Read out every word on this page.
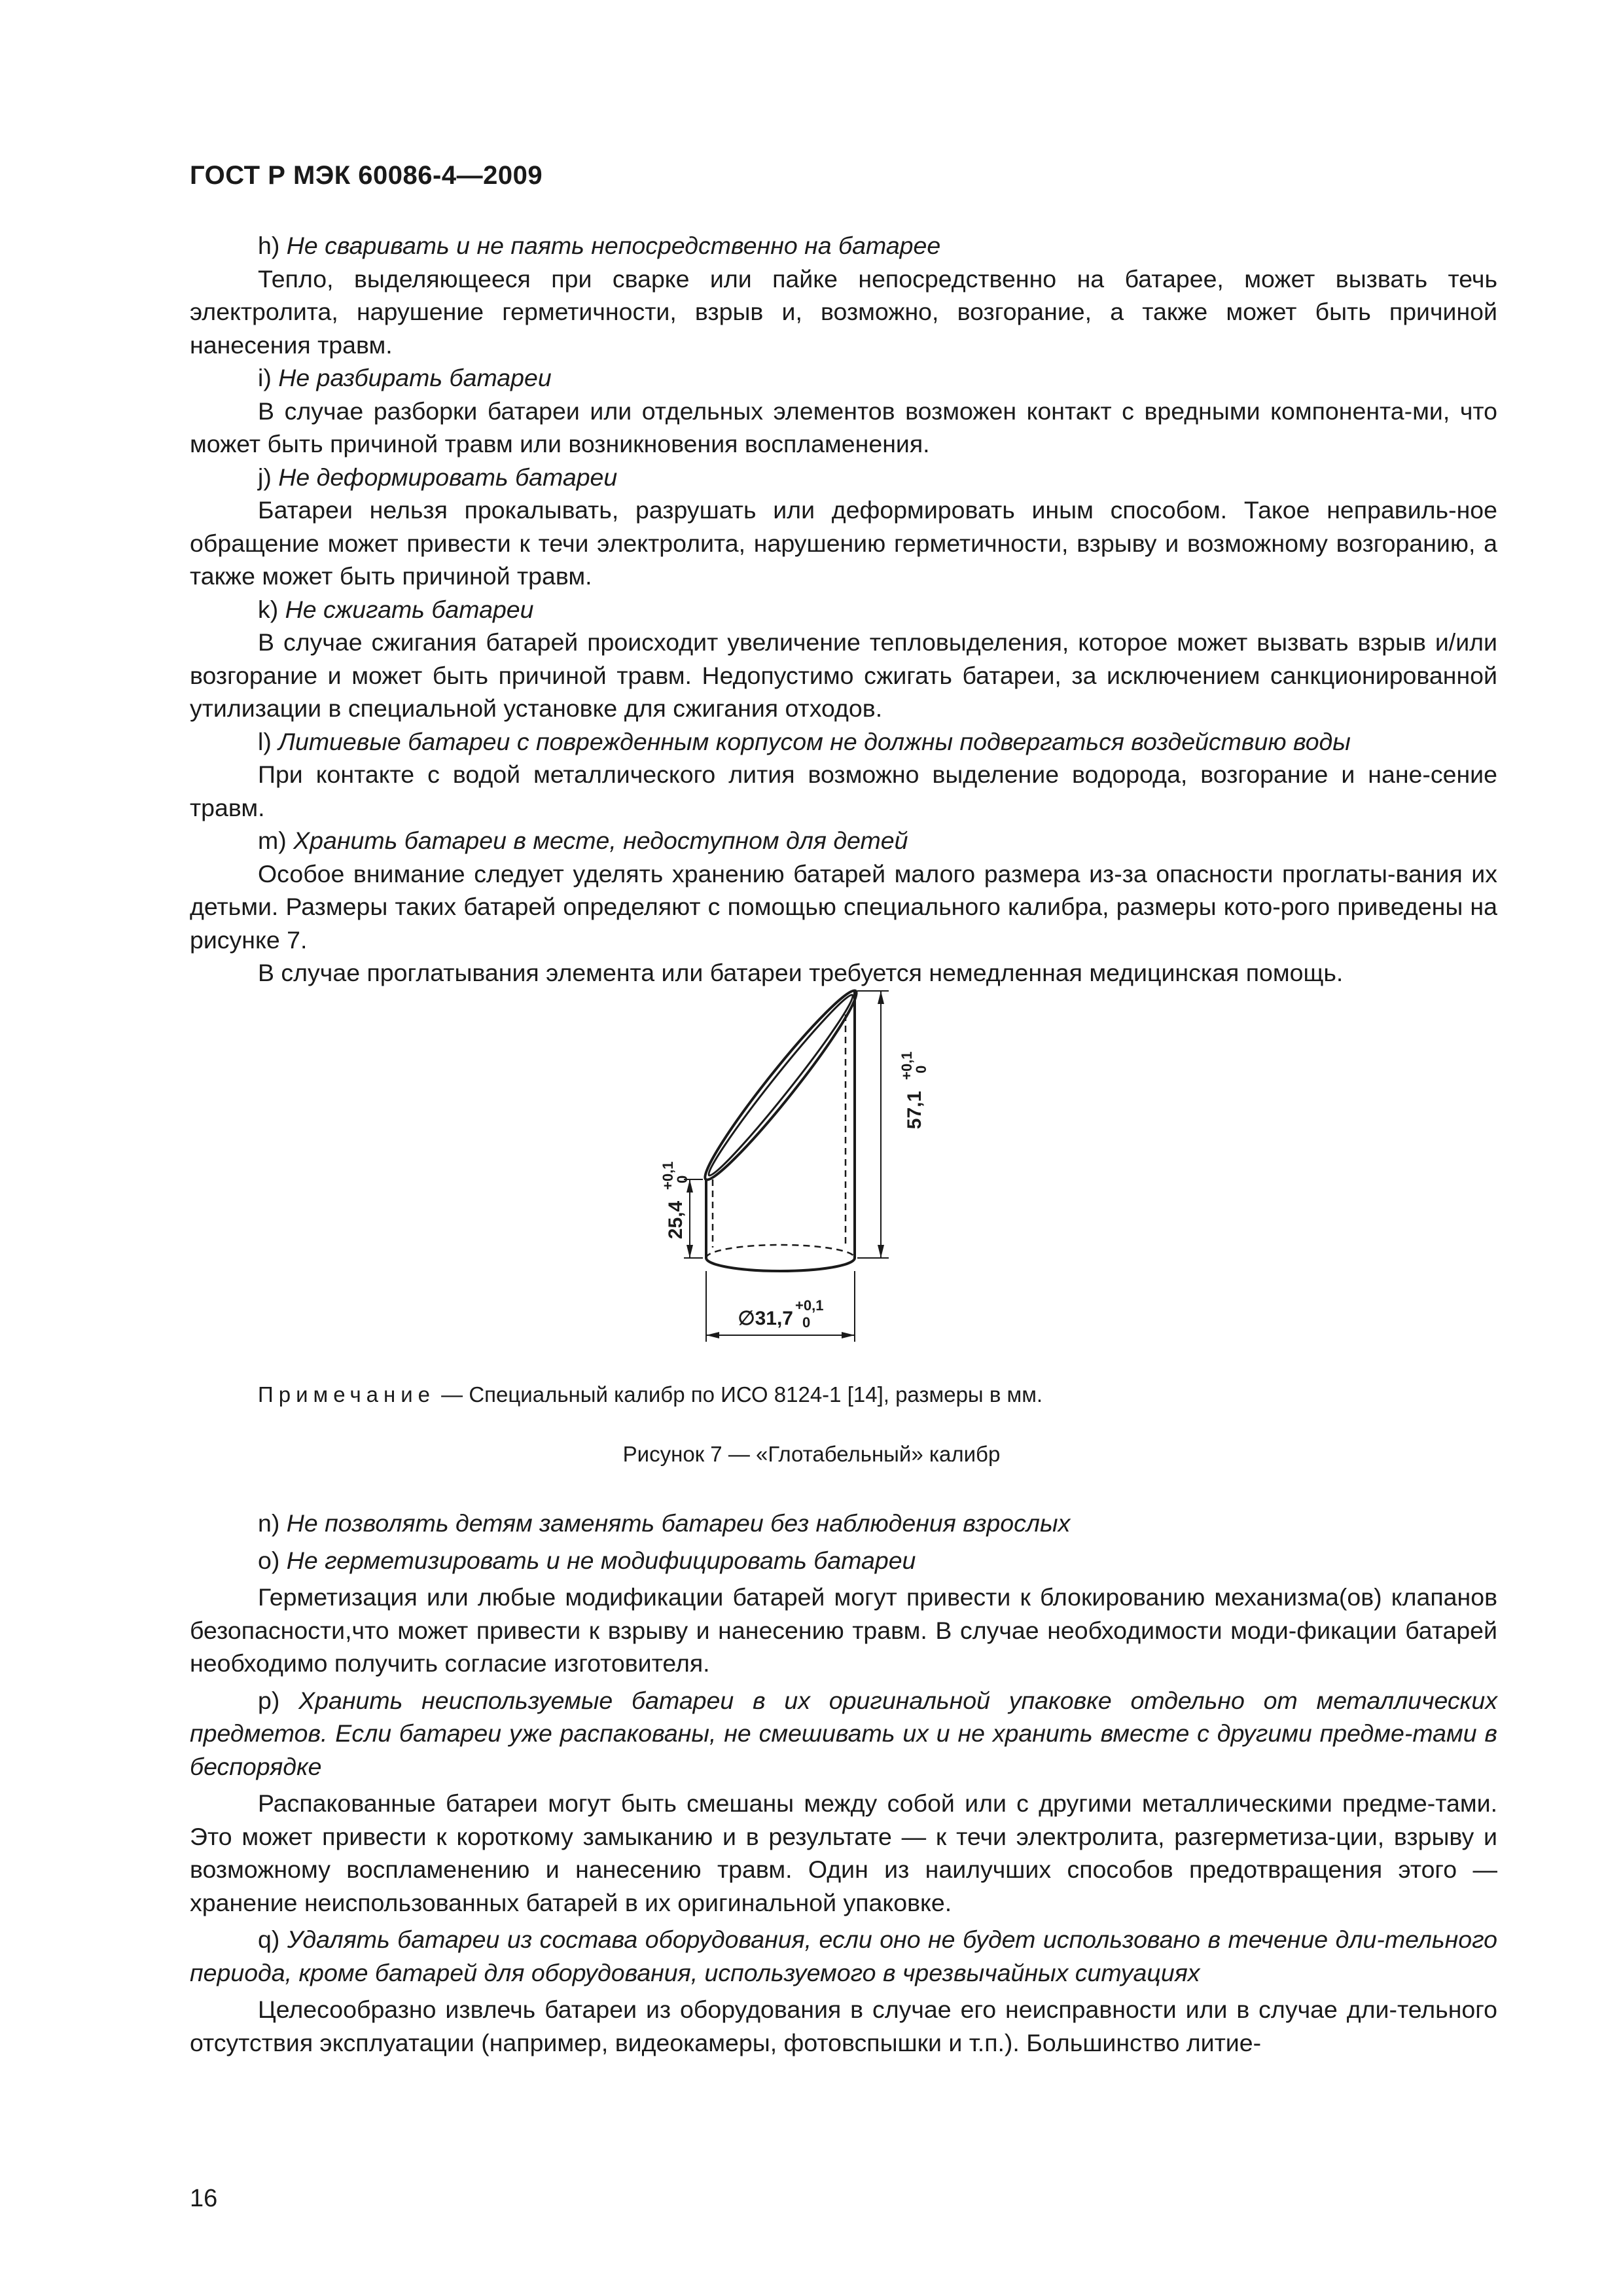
ГОСТ Р МЭК 60086-4—2009

h) Не сваривать и не паять непосредственно на батарее

Тепло, выделяющееся при сварке или пайке непосредственно на батарее, может вызвать течь электролита, нарушение герметичности, взрыв и, возможно, возгорание, а также может быть причиной нанесения травм.

i) Не разбирать батареи

В случае разборки батареи или отдельных элементов возможен контакт с вредными компонента-ми, что может быть причиной травм или возникновения воспламенения.

j) Не деформировать батареи

Батареи нельзя прокалывать, разрушать или деформировать иным способом. Такое неправиль-ное обращение может привести к течи электролита, нарушению герметичности, взрыву и возможному возгоранию, а также может быть причиной травм.

k) Не сжигать батареи

В случае сжигания батарей происходит увеличение тепловыделения, которое может вызвать взрыв и/или возгорание и может быть причиной травм. Недопустимо сжигать батареи, за исключением санкционированной утилизации в специальной установке для сжигания отходов.

l) Литиевые батареи с поврежденным корпусом не должны подвергаться воздействию воды

При контакте с водой металлического лития возможно выделение водорода, возгорание и нане-сение травм.

m) Хранить батареи в месте, недоступном для детей

Особое внимание следует уделять хранению батарей малого размера из-за опасности проглаты-вания их детьми. Размеры таких батарей определяют с помощью специального калибра, размеры кото-рого приведены на рисунке 7.

В случае проглатывания элемента или батареи требуется немедленная медицинская помощь.

25,4
+0,1
0
57,1
+0,1
0
∅31,7
+0,1
0
Примечание — Специальный калибр по ИСО 8124-1 [14], размеры в мм.
Рисунок 7 — «Глотабельный» калибр

n) Не позволять детям заменять батареи без наблюдения взрослых

o) Не герметизировать и не модифицировать батареи

Герметизация или любые модификации батарей могут привести к блокированию механизма(ов) клапанов безопасности,что может привести к взрыву и нанесению травм. В случае необходимости моди-фикации батарей необходимо получить согласие изготовителя.

p) Хранить неиспользуемые батареи в их оригинальной упаковке отдельно от металлических предметов. Если батареи уже распакованы, не смешивать их и не хранить вместе с другими предме-тами в беспорядке

Распакованные батареи могут быть смешаны между собой или с другими металлическими предме-тами. Это может привести к короткому замыканию и в результате — к течи электролита, разгерметиза-ции, взрыву и возможному воспламенению и нанесению травм. Один из наилучших способов предотвращения этого — хранение неиспользованных батарей в их оригинальной упаковке.

q) Удалять батареи из состава оборудования, если оно не будет использовано в течение дли-тельного периода, кроме батарей для оборудования, используемого в чрезвычайных ситуациях

Целесообразно извлечь батареи из оборудования в случае его неисправности или в случае дли-тельного отсутствия эксплуатации (например, видеокамеры, фотовспышки и т.п.). Большинство литие-

16
